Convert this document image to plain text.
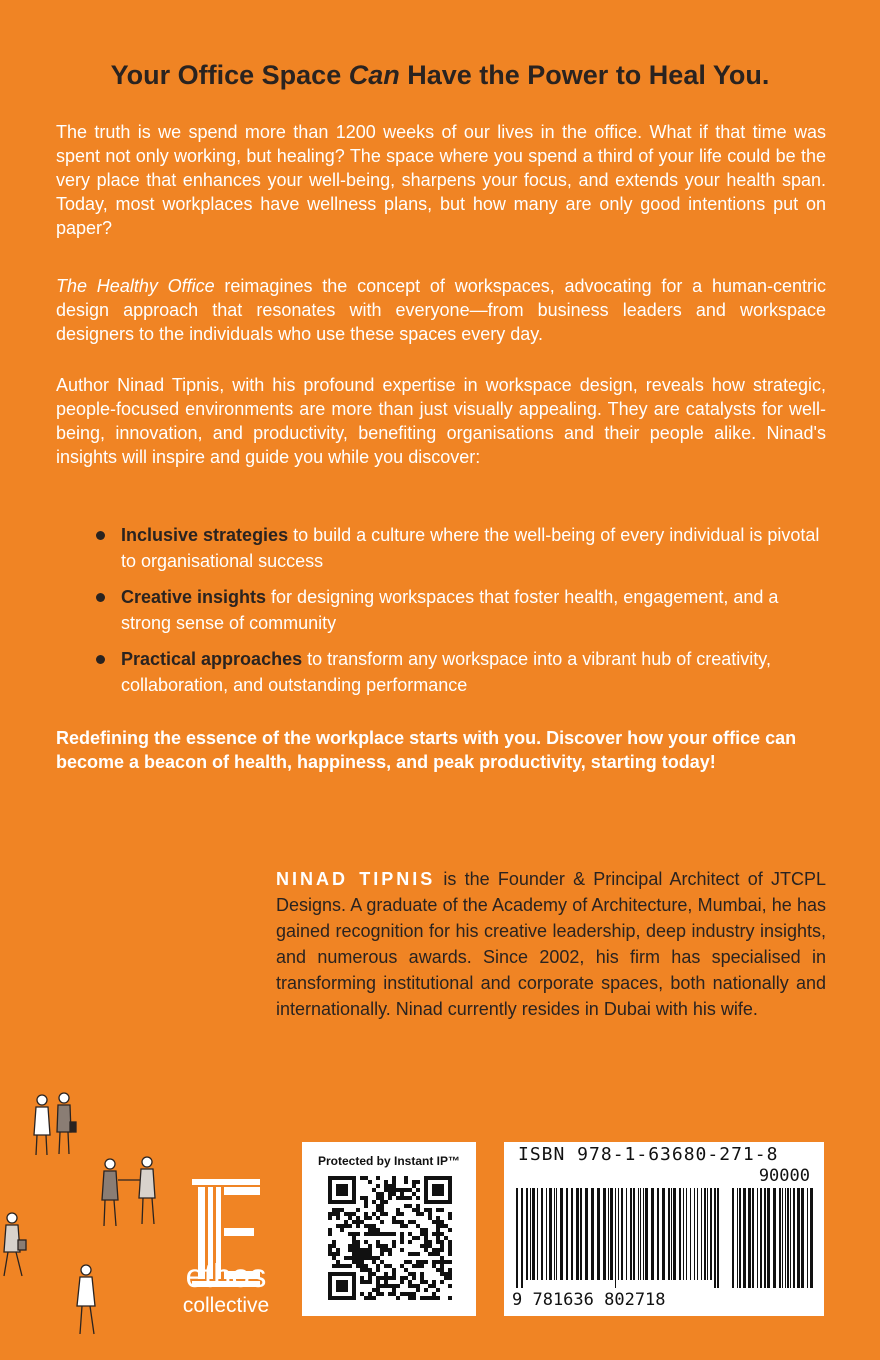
Your Office Space Can Have the Power to Heal You.

The truth is we spend more than 1200 weeks of our lives in the office. What if that time was spent not only working, but healing? The space where you spend a third of your life could be the very place that enhances your well-being, sharpens your focus, and extends your health span. Today, most workplaces have wellness plans, but how many are only good intentions put on paper?

The Healthy Office reimagines the concept of workspaces, advocating for a human-centric design approach that resonates with everyone—from business leaders and workspace designers to the individuals who use these spaces every day.

Author Ninad Tipnis, with his profound expertise in workspace design, reveals how strategic, people-focused environments are more than just visually appealing. They are catalysts for well-being, innovation, and productivity, benefiting organisations and their people alike. Ninad's insights will inspire and guide you while you discover:

Inclusive strategies to build a culture where the well-being of every individual is pivotal to organisational success
Creative insights for designing workspaces that foster health, engagement, and a strong sense of community
Practical approaches to transform any workspace into a vibrant hub of creativity, collaboration, and outstanding performance

Redefining the essence of the workplace starts with you. Discover how your office can become a beacon of health, happiness, and peak productivity, starting today!

NINAD TIPNIS is the Founder & Principal Architect of JTCPL Designs. A graduate of the Academy of Architecture, Mumbai, he has gained recognition for his creative leadership, deep industry insights, and numerous awards. Since 2002, his firm has specialised in transforming institutional and corporate spaces, both nationally and internationally. Ninad currently resides in Dubai with his wife.

ethos

collective

Protected by Instant IP™	ISBN 978-1-63680-271-8
90000
9 781636 802718
